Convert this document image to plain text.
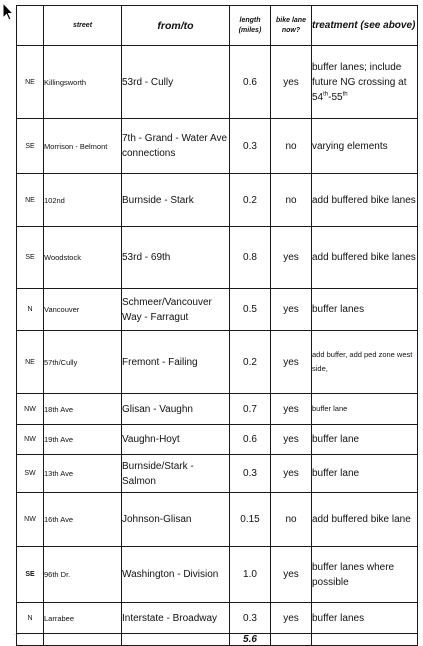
	street	from/to	length (miles)	bike lane now?	treatment (see above)
NE	Killingsworth	53rd - Cully	0.6	yes	buffer lanes; include future NG crossing at 54th-55th
SE	Morrison - Belmont	7th - Grand - Water Ave connections	0.3	no	varying elements
NE	102nd	Burnside - Stark	0.2	no	add buffered bike lanes
SE	Woodstock	53rd - 69th	0.8	yes	add buffered bike lanes
N	Vancouver	Schmeer/Vancouver Way - Farragut	0.5	yes	buffer lanes
NE	57th/Cully	Fremont - Failing	0.2	yes	add buffer, add ped zone west side,
NW	18th Ave	Glisan - Vaughn	0.7	yes	buffer lane
NW	19th Ave	Vaughn-Hoyt	0.6	yes	buffer lane
SW	13th Ave	Burnside/Stark - Salmon	0.3	yes	buffer lane
NW	16th Ave	Johnson-Glisan	0.15	no	add buffered bike lane
SE	96th Dr.	Washington - Division	1.0	yes	buffer lanes where possible
N	Larrabee	Interstate - Broadway	0.3	yes	buffer lanes
			5.6		
...
